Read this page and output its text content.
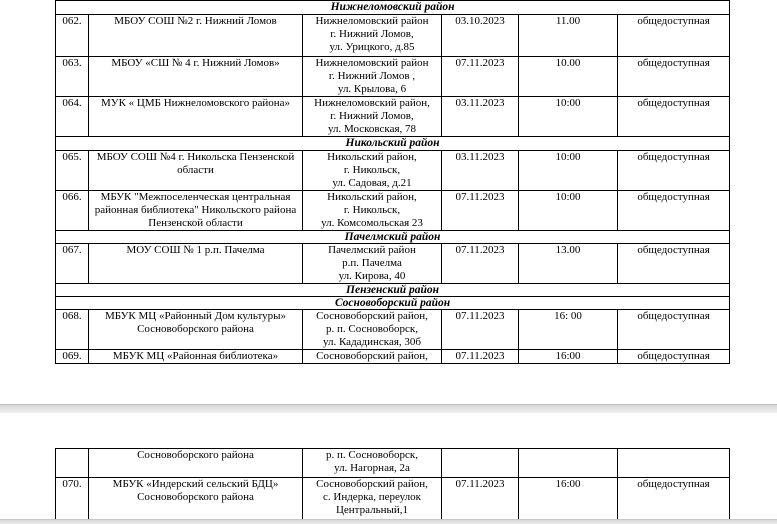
Нижнеломовский район					
062.	МБОУ СОШ №2 г. Нижний Ломов	Нижнеломовский район
г. Нижний Ломов,
ул. Урицкого, д.85	03.10.2023	11.00	общедоступная
063.	МБОУ «СШ № 4 г. Нижний Ломов»	Нижнеломовский район
г. Нижний Ломов ,
ул. Крылова, 6	07.11.2023	10.00	общедоступная
064.	МУК « ЦМБ Нижнеломовского района»	Нижнеломовский район,
г. Нижний Ломов,
ул. Московская, 78	03.11.2023	10:00	общедоступная
Никольский район					
065.	МБОУ СОШ №4 г. Никольска Пензенской области	Никольский район,
г. Никольск,
ул. Садовая, д.21	03.11.2023	10:00	общедоступная
066.	МБУК "Межпоселенческая центральная районная библиотека" Никольского района Пензенской области	Никольский район,
г. Никольск,
ул. Комсомольская 23	07.11.2023	10:00	общедоступная
Пачелмский район					
067.	МОУ СОШ № 1 р.п. Пачелма	Пачелмский район
р.п. Пачелма
ул. Кирова, 40	07.11.2023	13.00	общедоступная
Пензенский район					
Сосновоборский район					
068.	МБУК МЦ «Районный Дом культуры» Сосновоборского района	Сосновоборский район,
р. п. Сосновоборск,
ул. Кададинская, 30б	07.11.2023	16: 00	общедоступная
069.	МБУК МЦ «Районная библиотека»	Сосновоборский район,	07.11.2023	16:00	общедоступная
	Сосновоборского района	р. п. Сосновоборск,
ул. Нагорная, 2а			

070.	МБУК «Индерский сельский БДЦ» Сосновоборского района	Сосновоборский район,
с. Индерка, переулок
Центральный,1	07.11.2023	16:00	общедоступная
